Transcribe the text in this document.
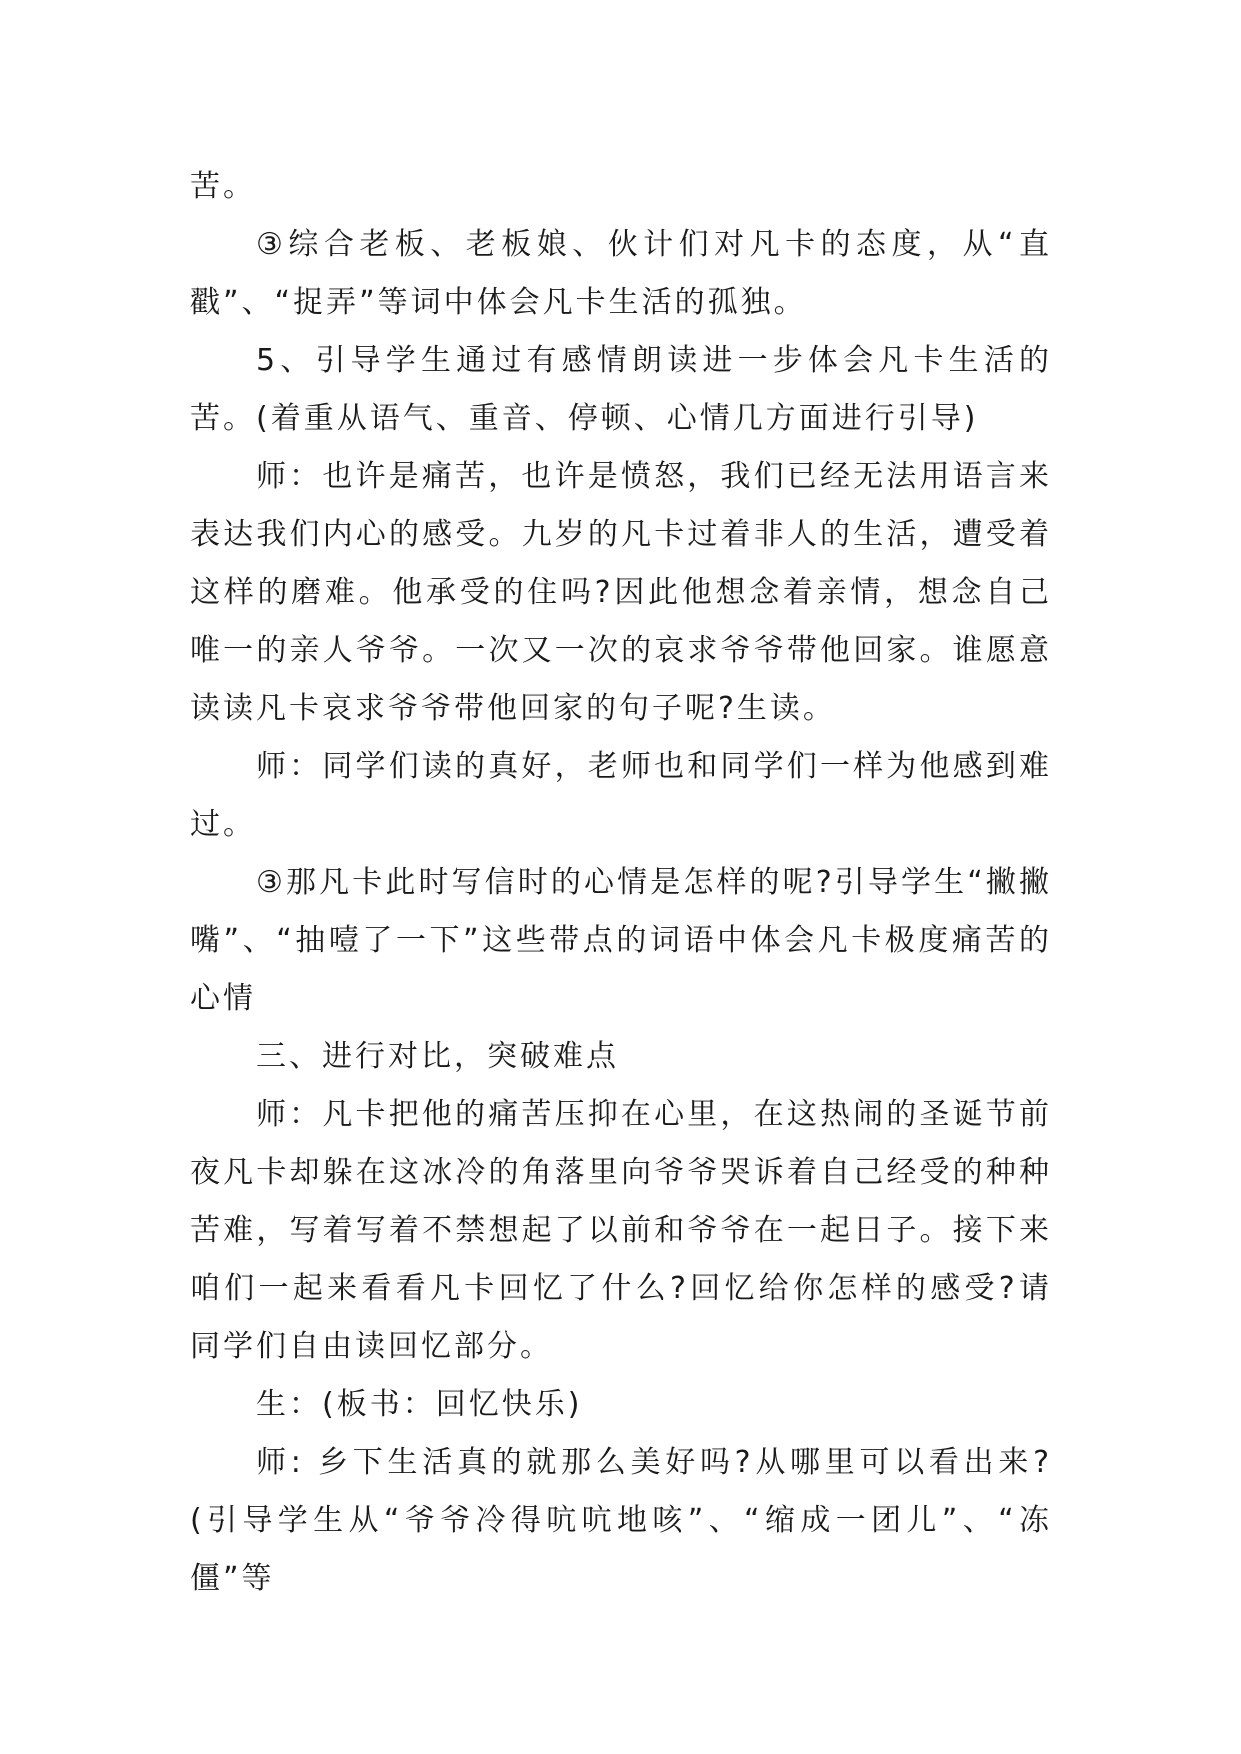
苦。

③综合老板、老板娘、伙计们对凡卡的态度，从“直戳”、“捉弄”等词中体会凡卡生活的孤独。

5、引导学生通过有感情朗读进一步体会凡卡生活的苦。(着重从语气、重音、停顿、心情几方面进行引导)

师：也许是痛苦，也许是愤怒，我们已经无法用语言来表达我们内心的感受。九岁的凡卡过着非人的生活，遭受着这样的磨难。他承受的住吗?因此他想念着亲情，想念自己唯一的亲人爷爷。一次又一次的哀求爷爷带他回家。谁愿意读读凡卡哀求爷爷带他回家的句子呢?生读。

师：同学们读的真好，老师也和同学们一样为他感到难过。

③那凡卡此时写信时的心情是怎样的呢?引导学生“撇撇嘴”、“抽噎了一下”这些带点的词语中体会凡卡极度痛苦的心情

三、进行对比，突破难点

师：凡卡把他的痛苦压抑在心里，在这热闹的圣诞节前夜凡卡却躲在这冰冷的角落里向爷爷哭诉着自己经受的种种苦难，写着写着不禁想起了以前和爷爷在一起日子。接下来咱们一起来看看凡卡回忆了什么?回忆给你怎样的感受?请同学们自由读回忆部分。

生：(板书：回忆快乐)

师: 乡下生活真的就那么美好吗?从哪里可以看出来?(引导学生从“爷爷冷得吭吭地咳”、“缩成一团儿”、“冻僵”等
